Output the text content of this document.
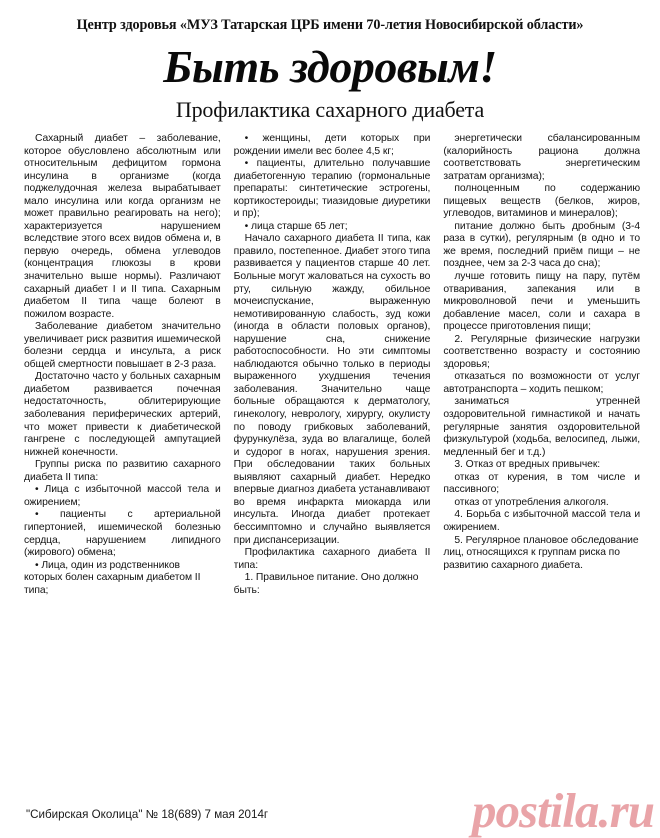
Центр здоровья «МУЗ Татарская ЦРБ имени 70-летия Новосибирской области»
Быть здоровым!
Профилактика сахарного диабета

Сахарный диабет – заболевание, которое обусловлено абсолютным или относительным дефицитом гормона инсулина в организме (когда поджелудочная железа вырабатывает мало инсулина или когда организм не может правильно реагировать на него); характеризуется нарушением вследствие этого всех видов обмена и, в первую очередь, обмена углеводов (концентрация глюкозы в крови значительно выше нормы). Различают сахарный диабет I и II типа. Сахарным диабетом II типа чаще болеют в пожилом возрасте.

Заболевание диабетом значительно увеличивает риск развития ишемической болезни сердца и инсульта, а риск общей смертности повышает в 2-3 раза.

Достаточно часто у больных сахарным диабетом развивается почечная недостаточность, облитерирующие заболевания периферических артерий, что может привести к диабетической гангрене с последующей ампутацией нижней конечности.

Группы риска по развитию сахарного диабета II типа:

• Лица с избыточной массой тела и ожирением;

• пациенты с артериальной гипертонией, ишемической болезнью сердца, нарушением липидного (жирового) обмена;

• Лица, один из родственников которых болен сахарным диабетом II типа;

• женщины, дети которых при рождении имели вес более 4,5 кг;

• пациенты, длительно получавшие диабетогенную терапию (гормональные препараты: синтетические эстрогены, кортикостероиды; тиазидовые диуретики и пр);

• лица старше 65 лет;

Начало сахарного диабета II типа, как правило, постепенное. Диабет этого типа развивается у пациентов старше 40 лет. Больные могут жаловаться на сухость во рту, сильную жажду, обильное мочеиспускание, выраженную немотивированную слабость, зуд кожи (иногда в области половых органов), нарушение сна, снижение работоспособности. Но эти симптомы наблюдаются обычно только в периоды выраженного ухудшения течения заболевания. Значительно чаще больные обращаются к дерматологу, гинекологу, неврологу, хирургу, окулисту по поводу грибковых заболеваний, фурункулёза, зуда во влагалище, болей и судорог в ногах, нарушения зрения. При обследовании таких больных выявляют сахарный диабет. Нередко впервые диагноз диабета устанавливают во время инфаркта миокарда или инсульта. Иногда диабет протекает бессимптомно и случайно выявляется при диспансеризации.

Профилактика сахарного диабета II типа:

1. Правильное питание. Оно должно быть:

энергетически сбалансированным (калорийность рациона должна соответствовать энергетическим затратам организма);

полноценным по содержанию пищевых веществ (белков, жиров, углеводов, витаминов и минералов);

питание должно быть дробным (3-4 раза в сутки), регулярным (в одно и то же время, последний приём пищи – не позднее, чем за 2-3 часа до сна);

лучше готовить пищу на пару, путём отваривания, запекания или в микроволновой печи и уменьшить добавление масел, соли и сахара в процессе приготовления пищи;

2. Регулярные физические нагрузки соответственно возрасту и состоянию здоровья;

отказаться по возможности от услуг автотранспорта – ходить пешком;

заниматься утренней оздоровительной гимнастикой и начать регулярные занятия оздоровительной физкультурой (ходьба, велосипед, лыжи, медленный бег и т.д.)

3. Отказ от вредных привычек:

отказ от курения, в том числе и пассивного;

отказ от употребления алкоголя.

4. Борьба с избыточной массой тела и ожирением.

5. Регулярное плановое обследование лиц, относящихся к группам риска по развитию сахарного диабета.

"Сибирская Околица" № 18(689) 7 мая 2014г	postila.ru
